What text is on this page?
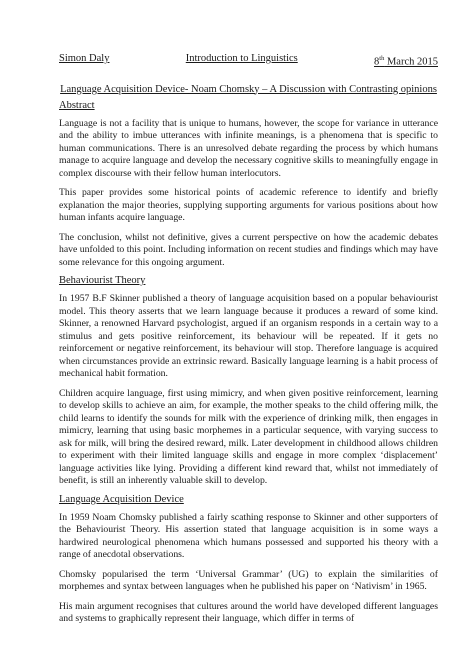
Simon Daly	Introduction to Linguistics	8th March 2015
Language Acquisition Device- Noam Chomsky – A Discussion with Contrasting opinions
Abstract

Language is not a facility that is unique to humans, however, the scope for variance in utterance and the ability to imbue utterances with infinite meanings, is a phenomena that is specific to human communications. There is an unresolved debate regarding the process by which humans manage to acquire language and develop the necessary cognitive skills to meaningfully engage in complex discourse with their fellow human interlocutors.

This paper provides some historical points of academic reference to identify and briefly explanation the major theories, supplying supporting arguments for various positions about how human infants acquire language.

The conclusion, whilst not definitive, gives a current perspective on how the academic debates have unfolded to this point. Including information on recent studies and findings which may have some relevance for this ongoing argument.

Behaviourist Theory

In 1957 B.F Skinner published a theory of language acquisition based on a popular behaviourist model. This theory asserts that we learn language because it produces a reward of some kind. Skinner, a renowned Harvard psychologist, argued if an organism responds in a certain way to a stimulus and gets positive reinforcement, its behaviour will be repeated. If it gets no reinforcement or negative reinforcement, its behaviour will stop. Therefore language is acquired when circumstances provide an extrinsic reward. Basically language learning is a habit process of mechanical habit formation.

Children acquire language, first using mimicry, and when given positive reinforcement, learning to develop skills to achieve an aim, for example, the mother speaks to the child offering milk, the child learns to identify the sounds for milk with the experience of drinking milk, then engages in mimicry, learning that using basic morphemes in a particular sequence, with varying success to ask for milk, will bring the desired reward, milk. Later development in childhood allows children to experiment with their limited language skills and engage in more complex ‘displacement’ language activities like lying. Providing a different kind reward that, whilst not immediately of benefit, is still an inherently valuable skill to develop.

Language Acquisition Device

In 1959 Noam Chomsky published a fairly scathing response to Skinner and other supporters of the Behaviourist Theory. His assertion stated that language acquisition is in some ways a hardwired neurological phenomena which humans possessed and supported his theory with a range of anecdotal observations.

Chomsky popularised the term ‘Universal Grammar’ (UG) to explain the similarities of morphemes and syntax between languages when he published his paper on ‘Nativism’ in 1965.

His main argument recognises that cultures around the world have developed different languages and systems to graphically represent their language, which differ in terms of
